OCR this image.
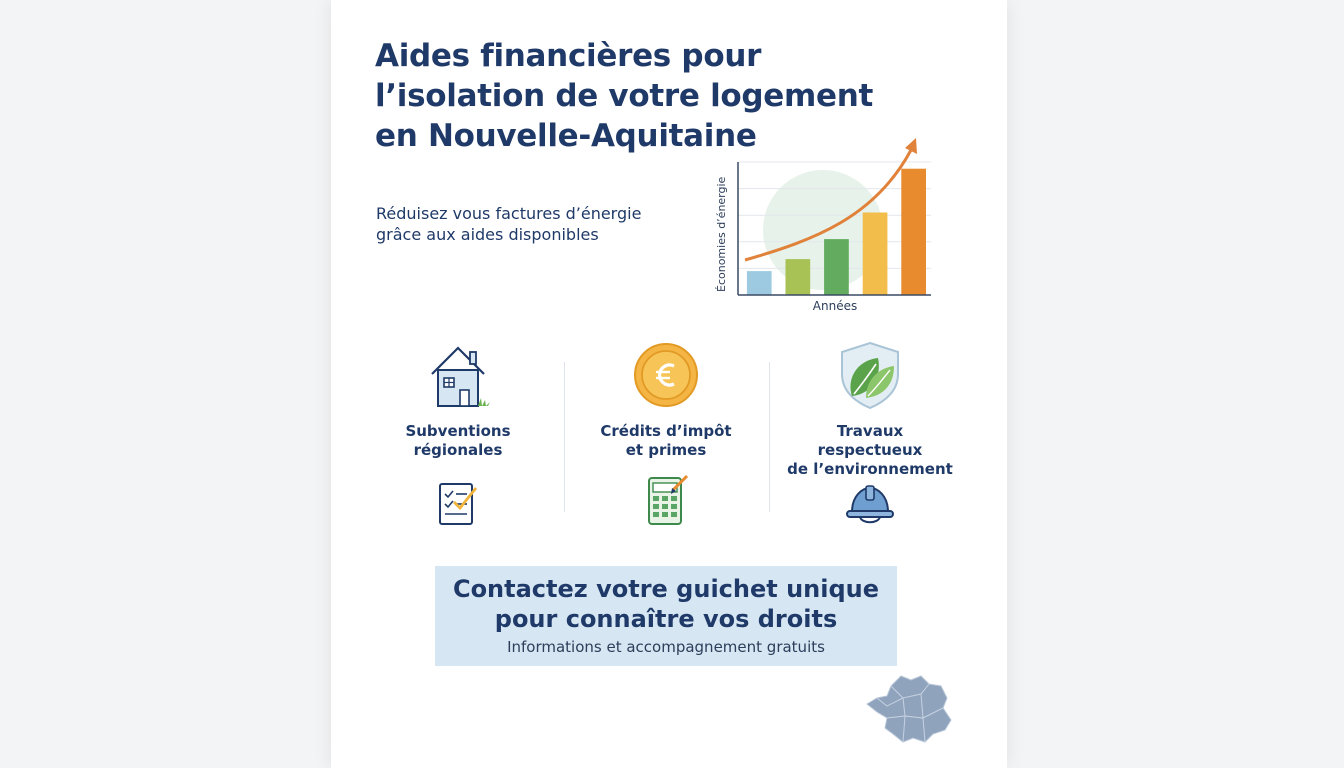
Aides financières pour
l’isolation de votre logement
en Nouvelle-Aquitaine

Réduisez vous factures d’énergie
grâce aux aides disponibles	Économies d’énergie
Années
Subventions
régionales
Crédits d’impôt
et primes
Travaux
respectueux
de l’environnement
Contactez votre guichet unique
pour connaître vos droits
Informations et accompagnement gratuits
